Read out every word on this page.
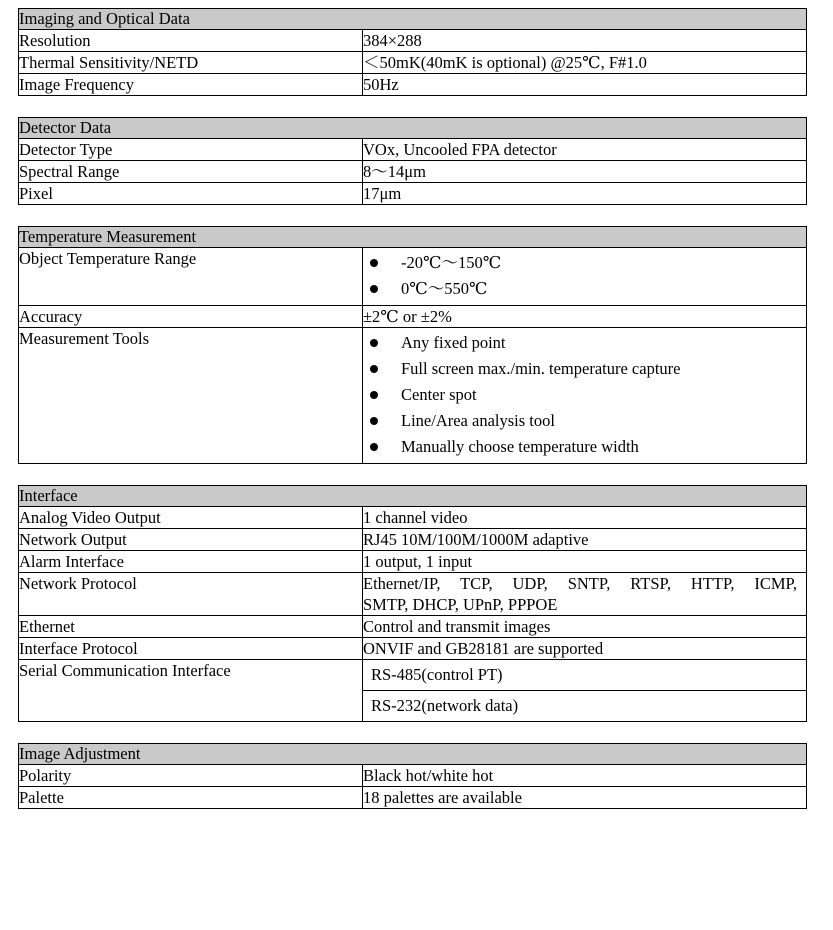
Imaging and Optical Data	
Resolution	384×288
Thermal Sensitivity/NETD	＜50mK(40mK is optional) @25℃, F#1.0
Image Frequency	50Hz
Detector Data	
Detector Type	VOx, Uncooled FPA detector
Spectral Range	8〜14μm
Pixel	17μm
Temperature Measurement	
Object Temperature Range	-20℃〜150℃
0℃〜550℃

Accuracy	±2℃ or ±2%
Measurement Tools	Any fixed point
Full screen max./min. temperature capture
Center spot
Line/Area analysis tool
Manually choose temperature width
Interface	
Analog Video Output	1 channel video
Network Output	RJ45 10M/100M/1000M adaptive
Alarm Interface	1 output, 1 input
Network Protocol	Ethernet/IP, TCP, UDP, SNTP, RTSP, HTTP, ICMP,
SMTP, DHCP, UPnP, PPPOE

Ethernet	Control and transmit images
Interface Protocol	ONVIF and GB28181 are supported
Serial Communication Interface	RS-485(control PT)
RS-232(network data)
Image Adjustment	
Polarity	Black hot/white hot
Palette	18 palettes are available
